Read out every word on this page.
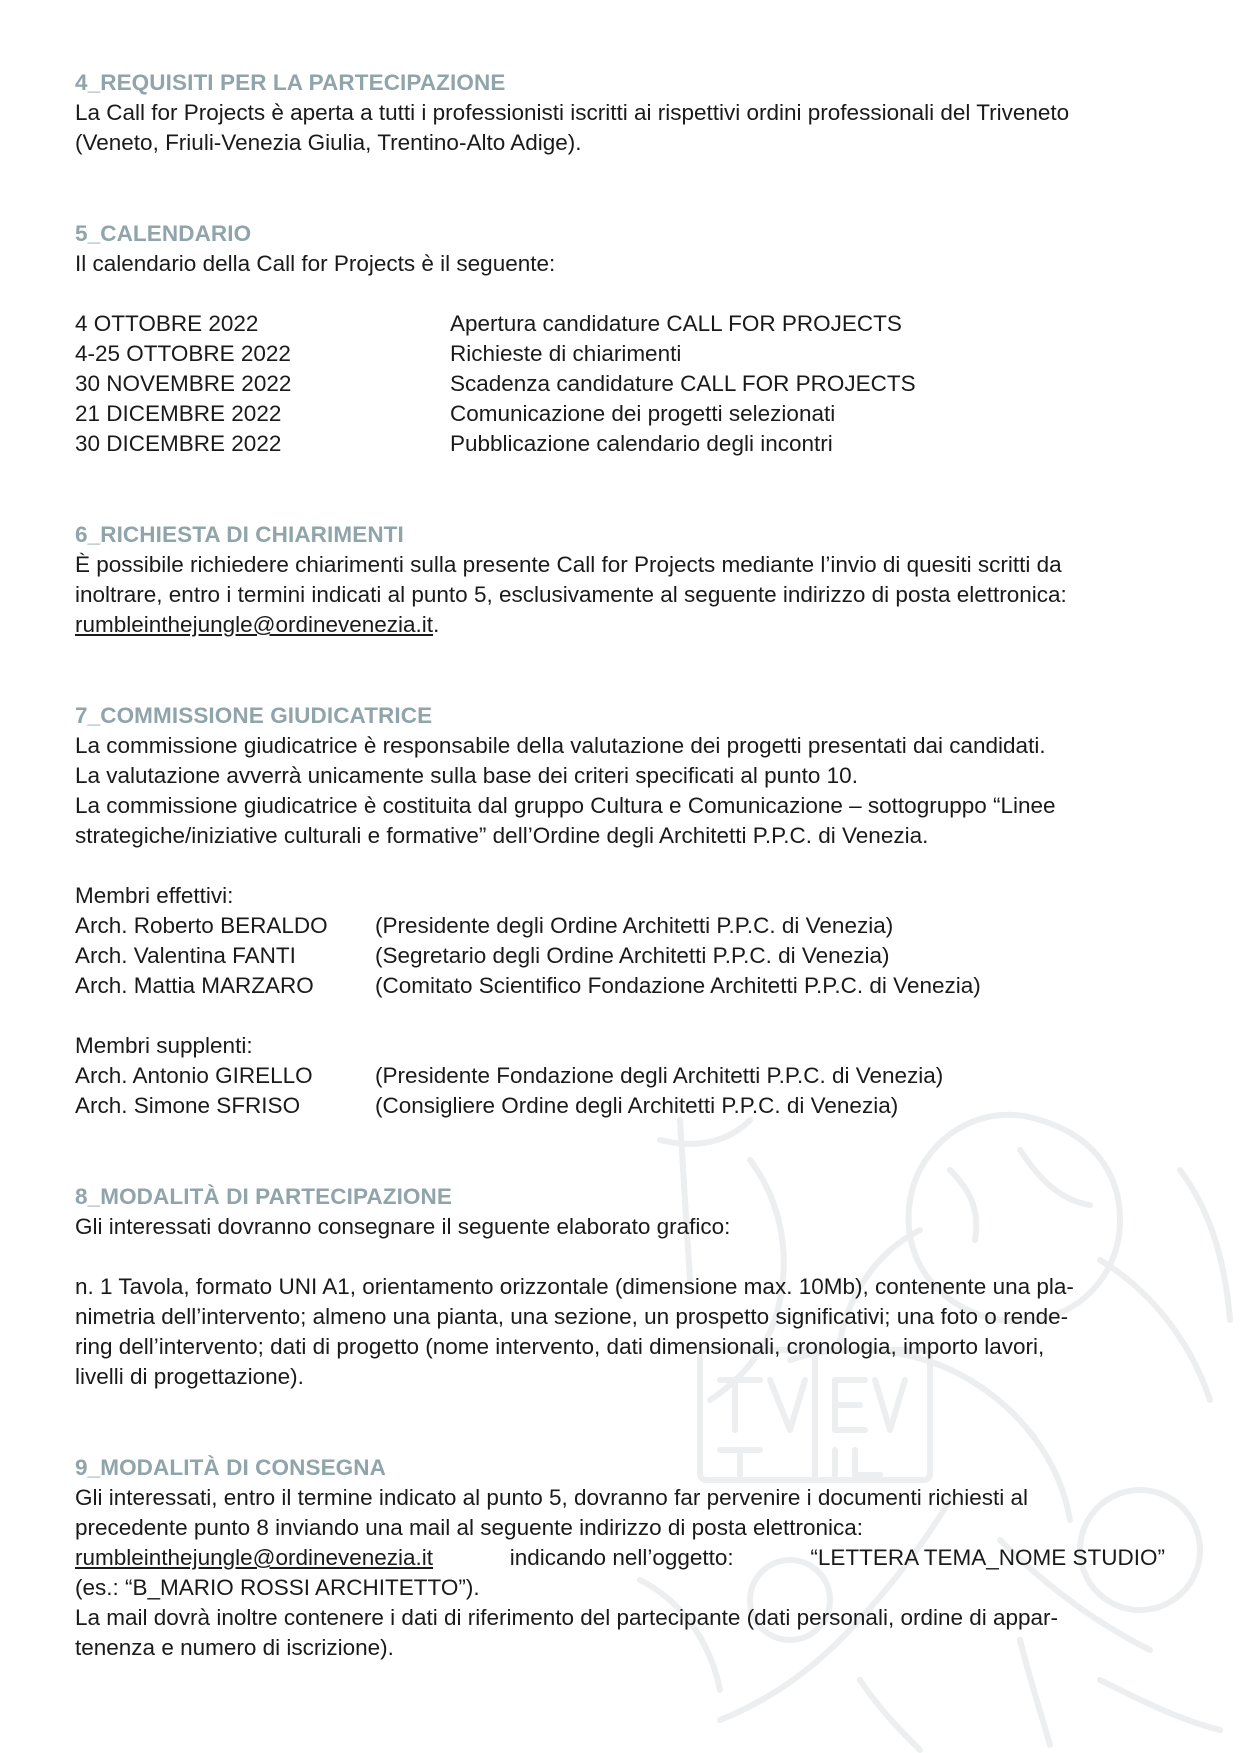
4_REQUISITI PER LA PARTECIPAZIONE

La Call for Projects è aperta a tutti i professionisti iscritti ai rispettivi ordini professionali del Triveneto

(Veneto, Friuli-Venezia Giulia, Trentino-Alto Adige).

5_CALENDARIO

Il calendario della Call for Projects è il seguente:

4 OTTOBRE 2022	Apertura candidature CALL FOR PROJECTS
4-25 OTTOBRE 2022	Richieste di chiarimenti
30 NOVEMBRE 2022	Scadenza candidature CALL FOR PROJECTS
21 DICEMBRE 2022	Comunicazione dei progetti selezionati
30 DICEMBRE 2022	Pubblicazione calendario degli incontri
6_RICHIESTA DI CHIARIMENTI

È possibile richiedere chiarimenti sulla presente Call for Projects mediante l’invio di quesiti scritti da

inoltrare, entro i termini indicati al punto 5, esclusivamente al seguente indirizzo di posta elettronica:

rumbleinthejungle@ordinevenezia.it.

7_COMMISSIONE GIUDICATRICE

La commissione giudicatrice è responsabile della valutazione dei progetti presentati dai candidati.

La valutazione avverrà unicamente sulla base dei criteri specificati al punto 10.

La commissione giudicatrice è costituita dal gruppo Cultura e Comunicazione – sottogruppo “Linee

strategiche/iniziative culturali e formative” dell’Ordine degli Architetti P.P.C. di Venezia.

Membri effettivi:

Arch. Roberto BERALDO	(Presidente degli Ordine Architetti P.P.C. di Venezia)
Arch. Valentina FANTI	(Segretario degli Ordine Architetti P.P.C. di Venezia)
Arch. Mattia MARZARO	(Comitato Scientifico Fondazione Architetti P.P.C. di Venezia)

Membri supplenti:

Arch. Antonio GIRELLO	(Presidente Fondazione degli Architetti P.P.C. di Venezia)
Arch. Simone SFRISO	(Consigliere Ordine degli Architetti P.P.C. di Venezia)
8_MODALITÀ DI PARTECIPAZIONE

Gli interessati dovranno consegnare il seguente elaborato grafico:

n. 1 Tavola, formato UNI A1, orientamento orizzontale (dimensione max. 10Mb), contenente una pla-

nimetria dell’intervento; almeno una pianta, una sezione, un prospetto significativi; una foto o rende-

ring dell’intervento; dati di progetto (nome intervento, dati dimensionali, cronologia, importo lavori,

livelli di progettazione).

9_MODALITÀ DI CONSEGNA

Gli interessati, entro il termine indicato al punto 5, dovranno far pervenire i documenti richiesti al

precedente punto 8 inviando una mail al seguente indirizzo di posta elettronica:

rumbleinthejungle@ordinevenezia.it	indicando nell’oggetto:	“LETTERA TEMA_NOME STUDIO”

(es.: “B_MARIO ROSSI ARCHITETTO”).

La mail dovrà inoltre contenere i dati di riferimento del partecipante (dati personali, ordine di appar-

tenenza e numero di iscrizione).
